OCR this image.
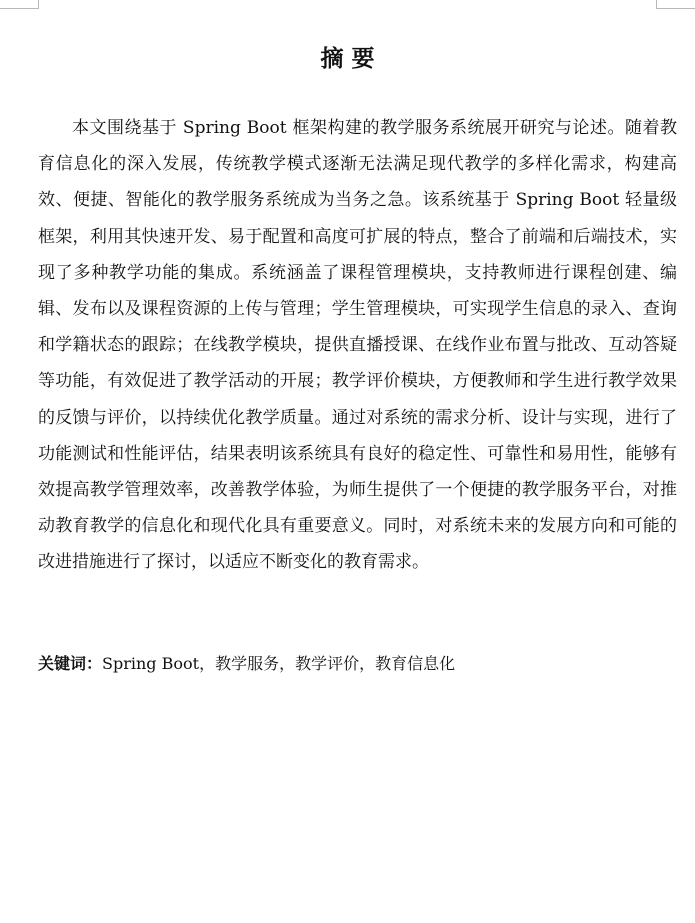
摘 要

本文围绕基于 Spring Boot 框架构建的教学服务系统展开研究与论述。随着教育信息化的深入发展，传统教学模式逐渐无法满足现代教学的多样化需求，构建高效、便捷、智能化的教学服务系统成为当务之急。该系统基于 Spring Boot 轻量级框架，利用其快速开发、易于配置和高度可扩展的特点，整合了前端和后端技术，实现了多种教学功能的集成。系统涵盖了课程管理模块，支持教师进行课程创建、编辑、发布以及课程资源的上传与管理；学生管理模块，可实现学生信息的录入、查询和学籍状态的跟踪；在线教学模块，提供直播授课、在线作业布置与批改、互动答疑等功能，有效促进了教学活动的开展；教学评价模块，方便教师和学生进行教学效果的反馈与评价，以持续优化教学质量。通过对系统的需求分析、设计与实现，进行了功能测试和性能评估，结果表明该系统具有良好的稳定性、可靠性和易用性，能够有效提高教学管理效率，改善教学体验，为师生提供了一个便捷的教学服务平台，对推动教育教学的信息化和现代化具有重要意义。同时，对系统未来的发展方向和可能的改进措施进行了探讨，以适应不断变化的教育需求。

关键词：Spring Boot，教学服务，教学评价，教育信息化
